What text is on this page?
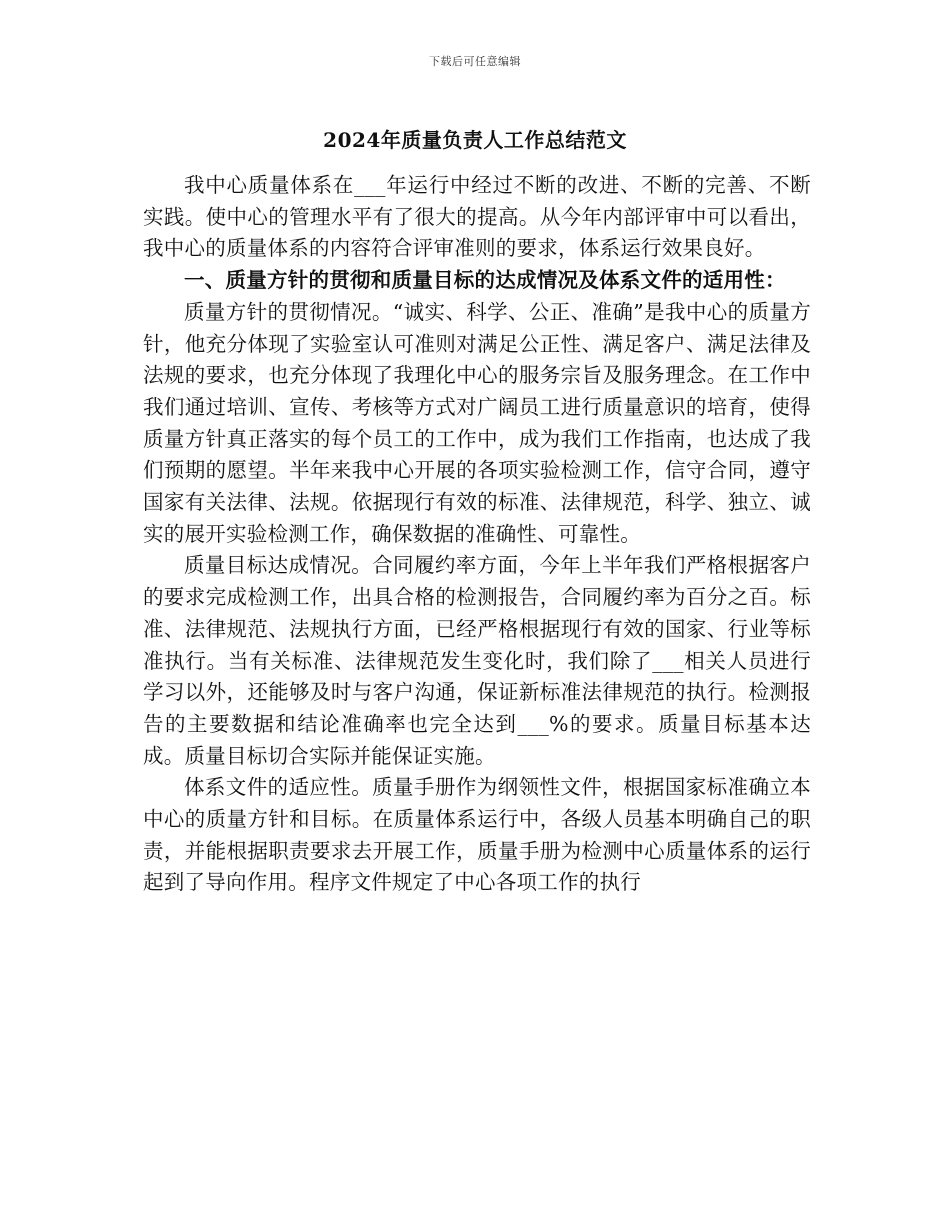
下载后可任意编辑
2024年质量负责人工作总结范文

我中心质量体系在___年运行中经过不断的改进、不断的完善、不断实践。使中心的管理水平有了很大的提高。从今年内部评审中可以看出，我中心的质量体系的内容符合评审准则的要求，体系运行效果良好。

一、质量方针的贯彻和质量目标的达成情况及体系文件的适用性：

质量方针的贯彻情况。“诚实、科学、公正、准确”是我中心的质量方针，他充分体现了实验室认可准则对满足公正性、满足客户、满足法律及法规的要求，也充分体现了我理化中心的服务宗旨及服务理念。在工作中我们通过培训、宣传、考核等方式对广阔员工进行质量意识的培育，使得质量方针真正落实的每个员工的工作中，成为我们工作指南，也达成了我们预期的愿望。半年来我中心开展的各项实验检测工作，信守合同，遵守国家有关法律、法规。依据现行有效的标准、法律规范，科学、独立、诚实的展开实验检测工作，确保数据的准确性、可靠性。

质量目标达成情况。合同履约率方面，今年上半年我们严格根据客户的要求完成检测工作，出具合格的检测报告，合同履约率为百分之百。标准、法律规范、法规执行方面，已经严格根据现行有效的国家、行业等标准执行。当有关标准、法律规范发生变化时，我们除了___相关人员进行学习以外，还能够及时与客户沟通，保证新标准法律规范的执行。检测报告的主要数据和结论准确率也完全达到___%的要求。质量目标基本达成。质量目标切合实际并能保证实施。

体系文件的适应性。质量手册作为纲领性文件，根据国家标准确立本中心的质量方针和目标。在质量体系运行中，各级人员基本明确自己的职责，并能根据职责要求去开展工作，质量手册为检测中心质量体系的运行起到了导向作用。程序文件规定了中心各项工作的执行
